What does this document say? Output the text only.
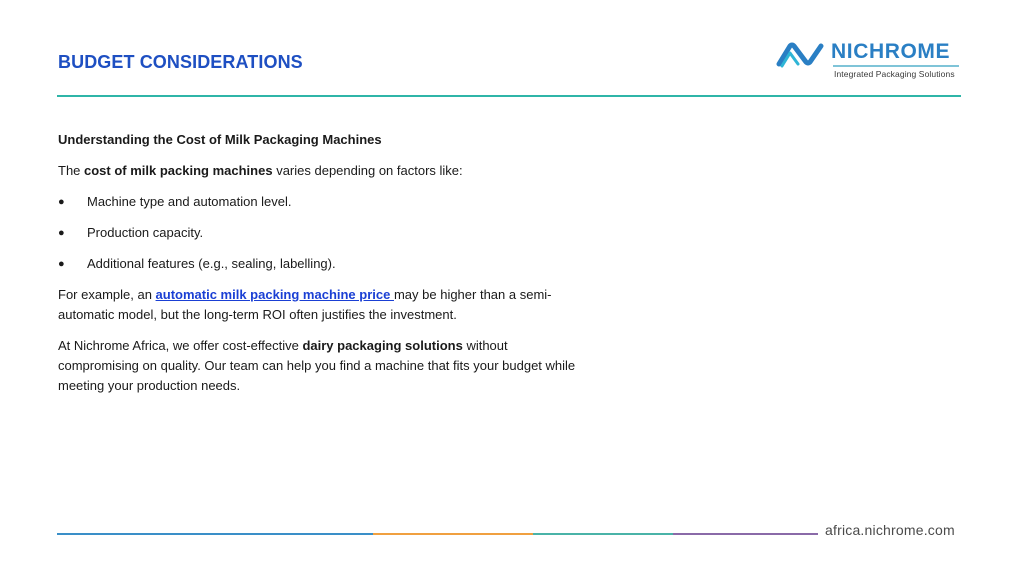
BUDGET CONSIDERATIONS	NICHROME
Integrated Packaging Solutions

Understanding the Cost of Milk Packaging Machines

The cost of milk packing machines varies depending on factors like:

● Machine type and automation level.
● Production capacity.
● Additional features (e.g., sealing, labelling).

For example, an automatic milk packing machine price may be higher than a semi-automatic model, but the long-term ROI often justifies the investment.

At Nichrome Africa, we offer cost-effective dairy packaging solutions without compromising on quality. Our team can help you find a machine that fits your budget while meeting your production needs.

africa.nichrome.com
